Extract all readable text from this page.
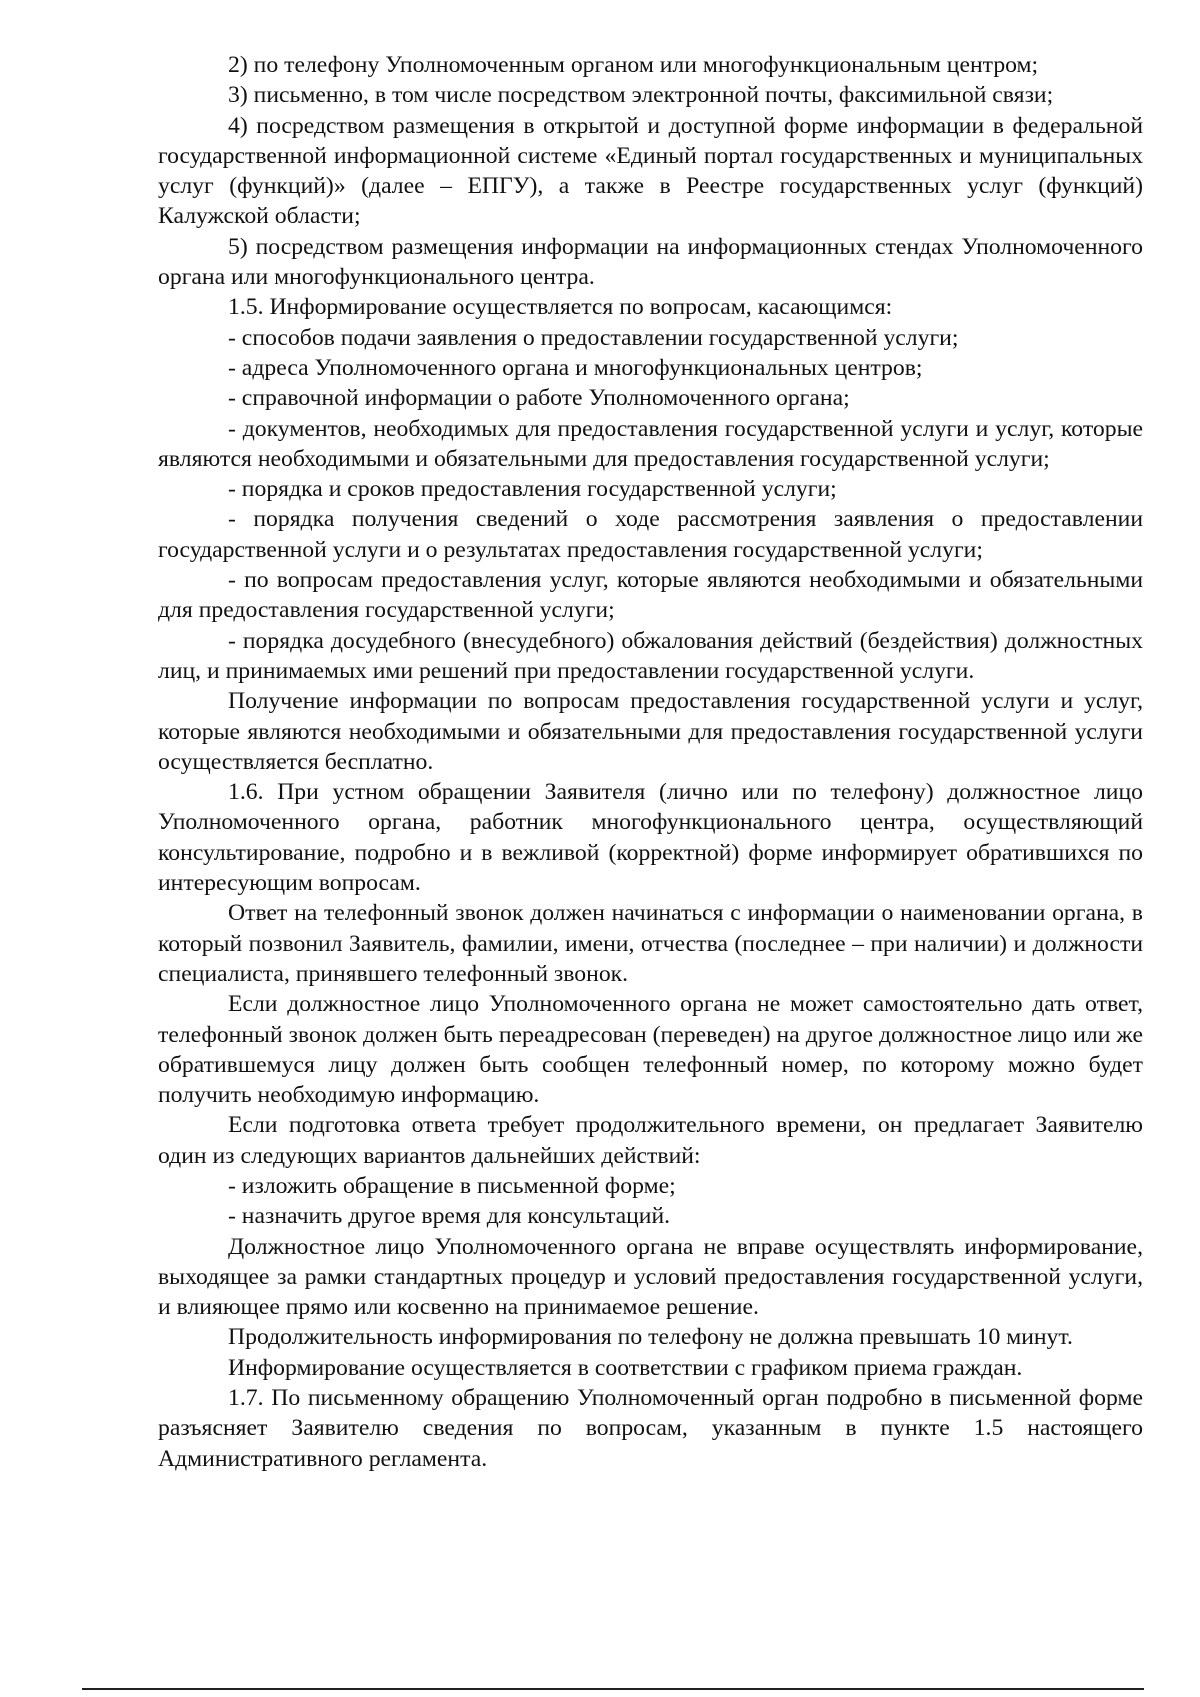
2) по телефону Уполномоченным органом или многофункциональным центром;

3) письменно, в том числе посредством электронной почты, факсимильной связи;

4) посредством размещения в открытой и доступной форме информации в федеральной государственной информационной системе «Единый портал государственных и муниципальных услуг (функций)» (далее – ЕПГУ), а также в Реестре государственных услуг (функций) Калужской области;

5) посредством размещения информации на информационных стендах Уполномоченного органа или многофункционального центра.

1.5. Информирование осуществляется по вопросам, касающимся:

- способов подачи заявления о предоставлении государственной услуги;

- адреса Уполномоченного органа и многофункциональных центров;

- справочной информации о работе Уполномоченного органа;

- документов, необходимых для предоставления государственной услуги и услуг, которые являются необходимыми и обязательными для предоставления государственной услуги;

- порядка и сроков предоставления государственной услуги;

- порядка получения сведений о ходе рассмотрения заявления о предоставлении государственной услуги и о результатах предоставления государственной услуги;

- по вопросам предоставления услуг, которые являются необходимыми и обязательными для предоставления государственной услуги;

- порядка досудебного (внесудебного) обжалования действий (бездействия) должностных лиц, и принимаемых ими решений при предоставлении государственной услуги.

Получение информации по вопросам предоставления государственной услуги и услуг, которые являются необходимыми и обязательными для предоставления государственной услуги осуществляется бесплатно.

1.6. При устном обращении Заявителя (лично или по телефону) должностное лицо Уполномоченного органа, работник многофункционального центра, осуществляющий консультирование, подробно и в вежливой (корректной) форме информирует обратившихся по интересующим вопросам.

Ответ на телефонный звонок должен начинаться с информации о наименовании органа, в который позвонил Заявитель, фамилии, имени, отчества (последнее – при наличии) и должности специалиста, принявшего телефонный звонок.

Если должностное лицо Уполномоченного органа не может самостоятельно дать ответ, телефонный звонок должен быть переадресован (переведен) на другое должностное лицо или же обратившемуся лицу должен быть сообщен телефонный номер, по которому можно будет получить необходимую информацию.

Если подготовка ответа требует продолжительного времени, он предлагает Заявителю один из следующих вариантов дальнейших действий:

- изложить обращение в письменной форме;

- назначить другое время для консультаций.

Должностное лицо Уполномоченного органа не вправе осуществлять информирование, выходящее за рамки стандартных процедур и условий предоставления государственной услуги, и влияющее прямо или косвенно на принимаемое решение.

Продолжительность информирования по телефону не должна превышать 10 минут.

Информирование осуществляется в соответствии с графиком приема граждан.

1.7. По письменному обращению Уполномоченный орган подробно в письменной форме разъясняет Заявителю сведения по вопросам, указанным в пункте 1.5 настоящего Административного регламента.
